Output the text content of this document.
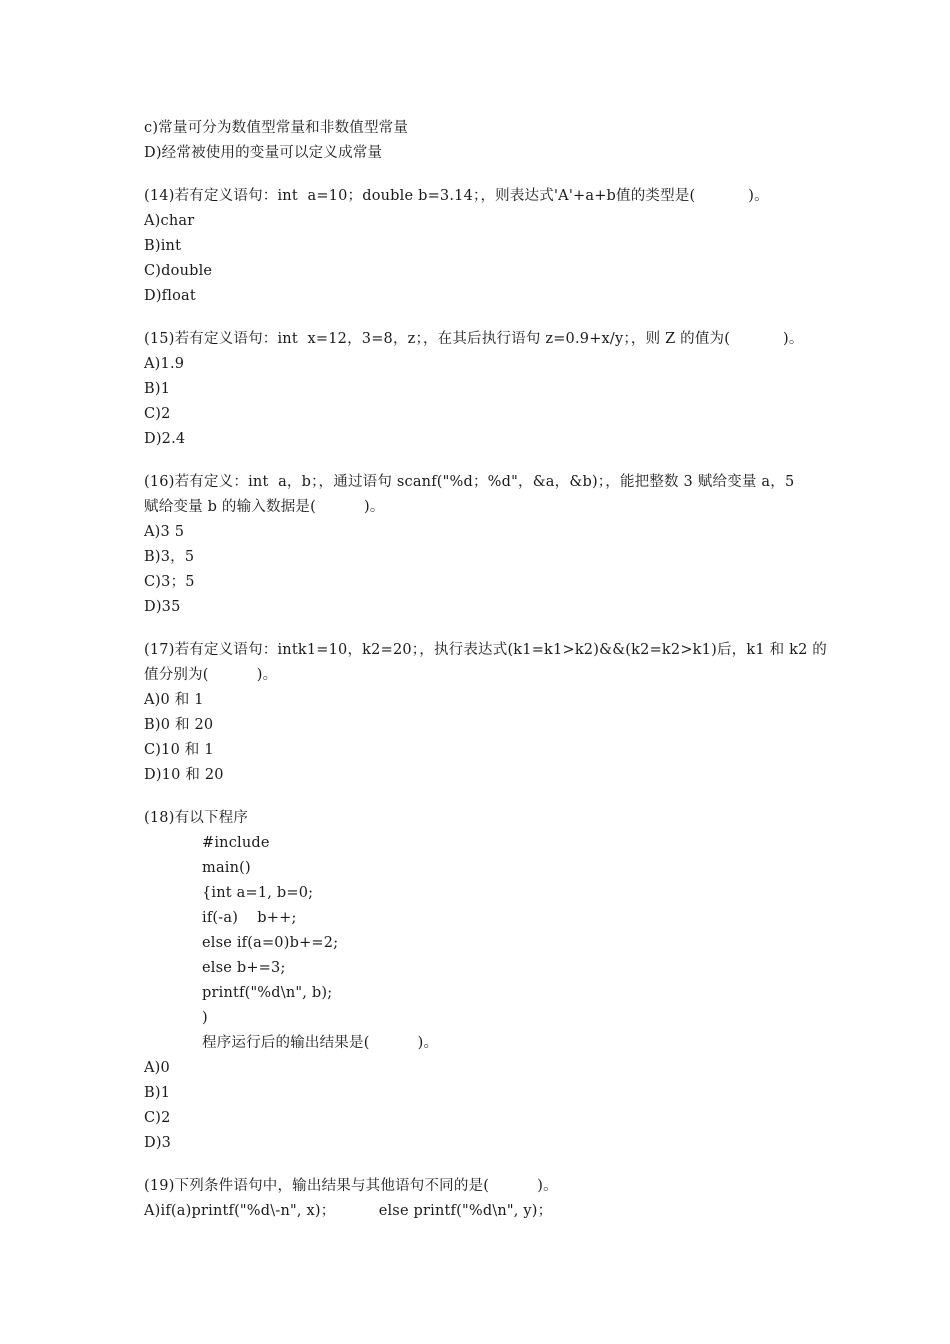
c)常量可分为数值型常量和非数值型常量
D)经常被使用的变量可以定义成常量
(14)若有定义语句：int  a=10；double b=3.14；，则表达式'A'+a+b值的类型是(           )。
A)char
B)int
C)double
D)float
(15)若有定义语句：int  x=12，3=8，z；，在其后执行语句 z=0.9+x/y；，则 Z 的值为(           )。
A)1.9
B)1
C)2
D)2.4
(16)若有定义：int  a，b；，通过语句 scanf("%d；%d"，&a，&b)；，能把整数 3 赋给变量 a，5
赋给变量 b 的输入数据是(          )。
A)3 5
B)3，5
C)3；5
D)35
(17)若有定义语句：intk1=10，k2=20；，执行表达式(k1=k1>k2)&&(k2=k2>k1)后，k1 和 k2 的
值分别为(          )。
A)0 和 1
B)0 和 20
C)10 和 1
D)10 和 20
(18)有以下程序
#include
main()
{int a=1, b=0;
if(-a)    b++;
else if(a=0)b+=2;
else b+=3;
printf("%d\n", b);
)
程序运行后的输出结果是(          )。
A)0
B)1
C)2
D)3
(19)下列条件语句中，输出结果与其他语句不同的是(          )。
A)if(a)printf("%d\-n", x)；         else printf("%d\n", y)；
